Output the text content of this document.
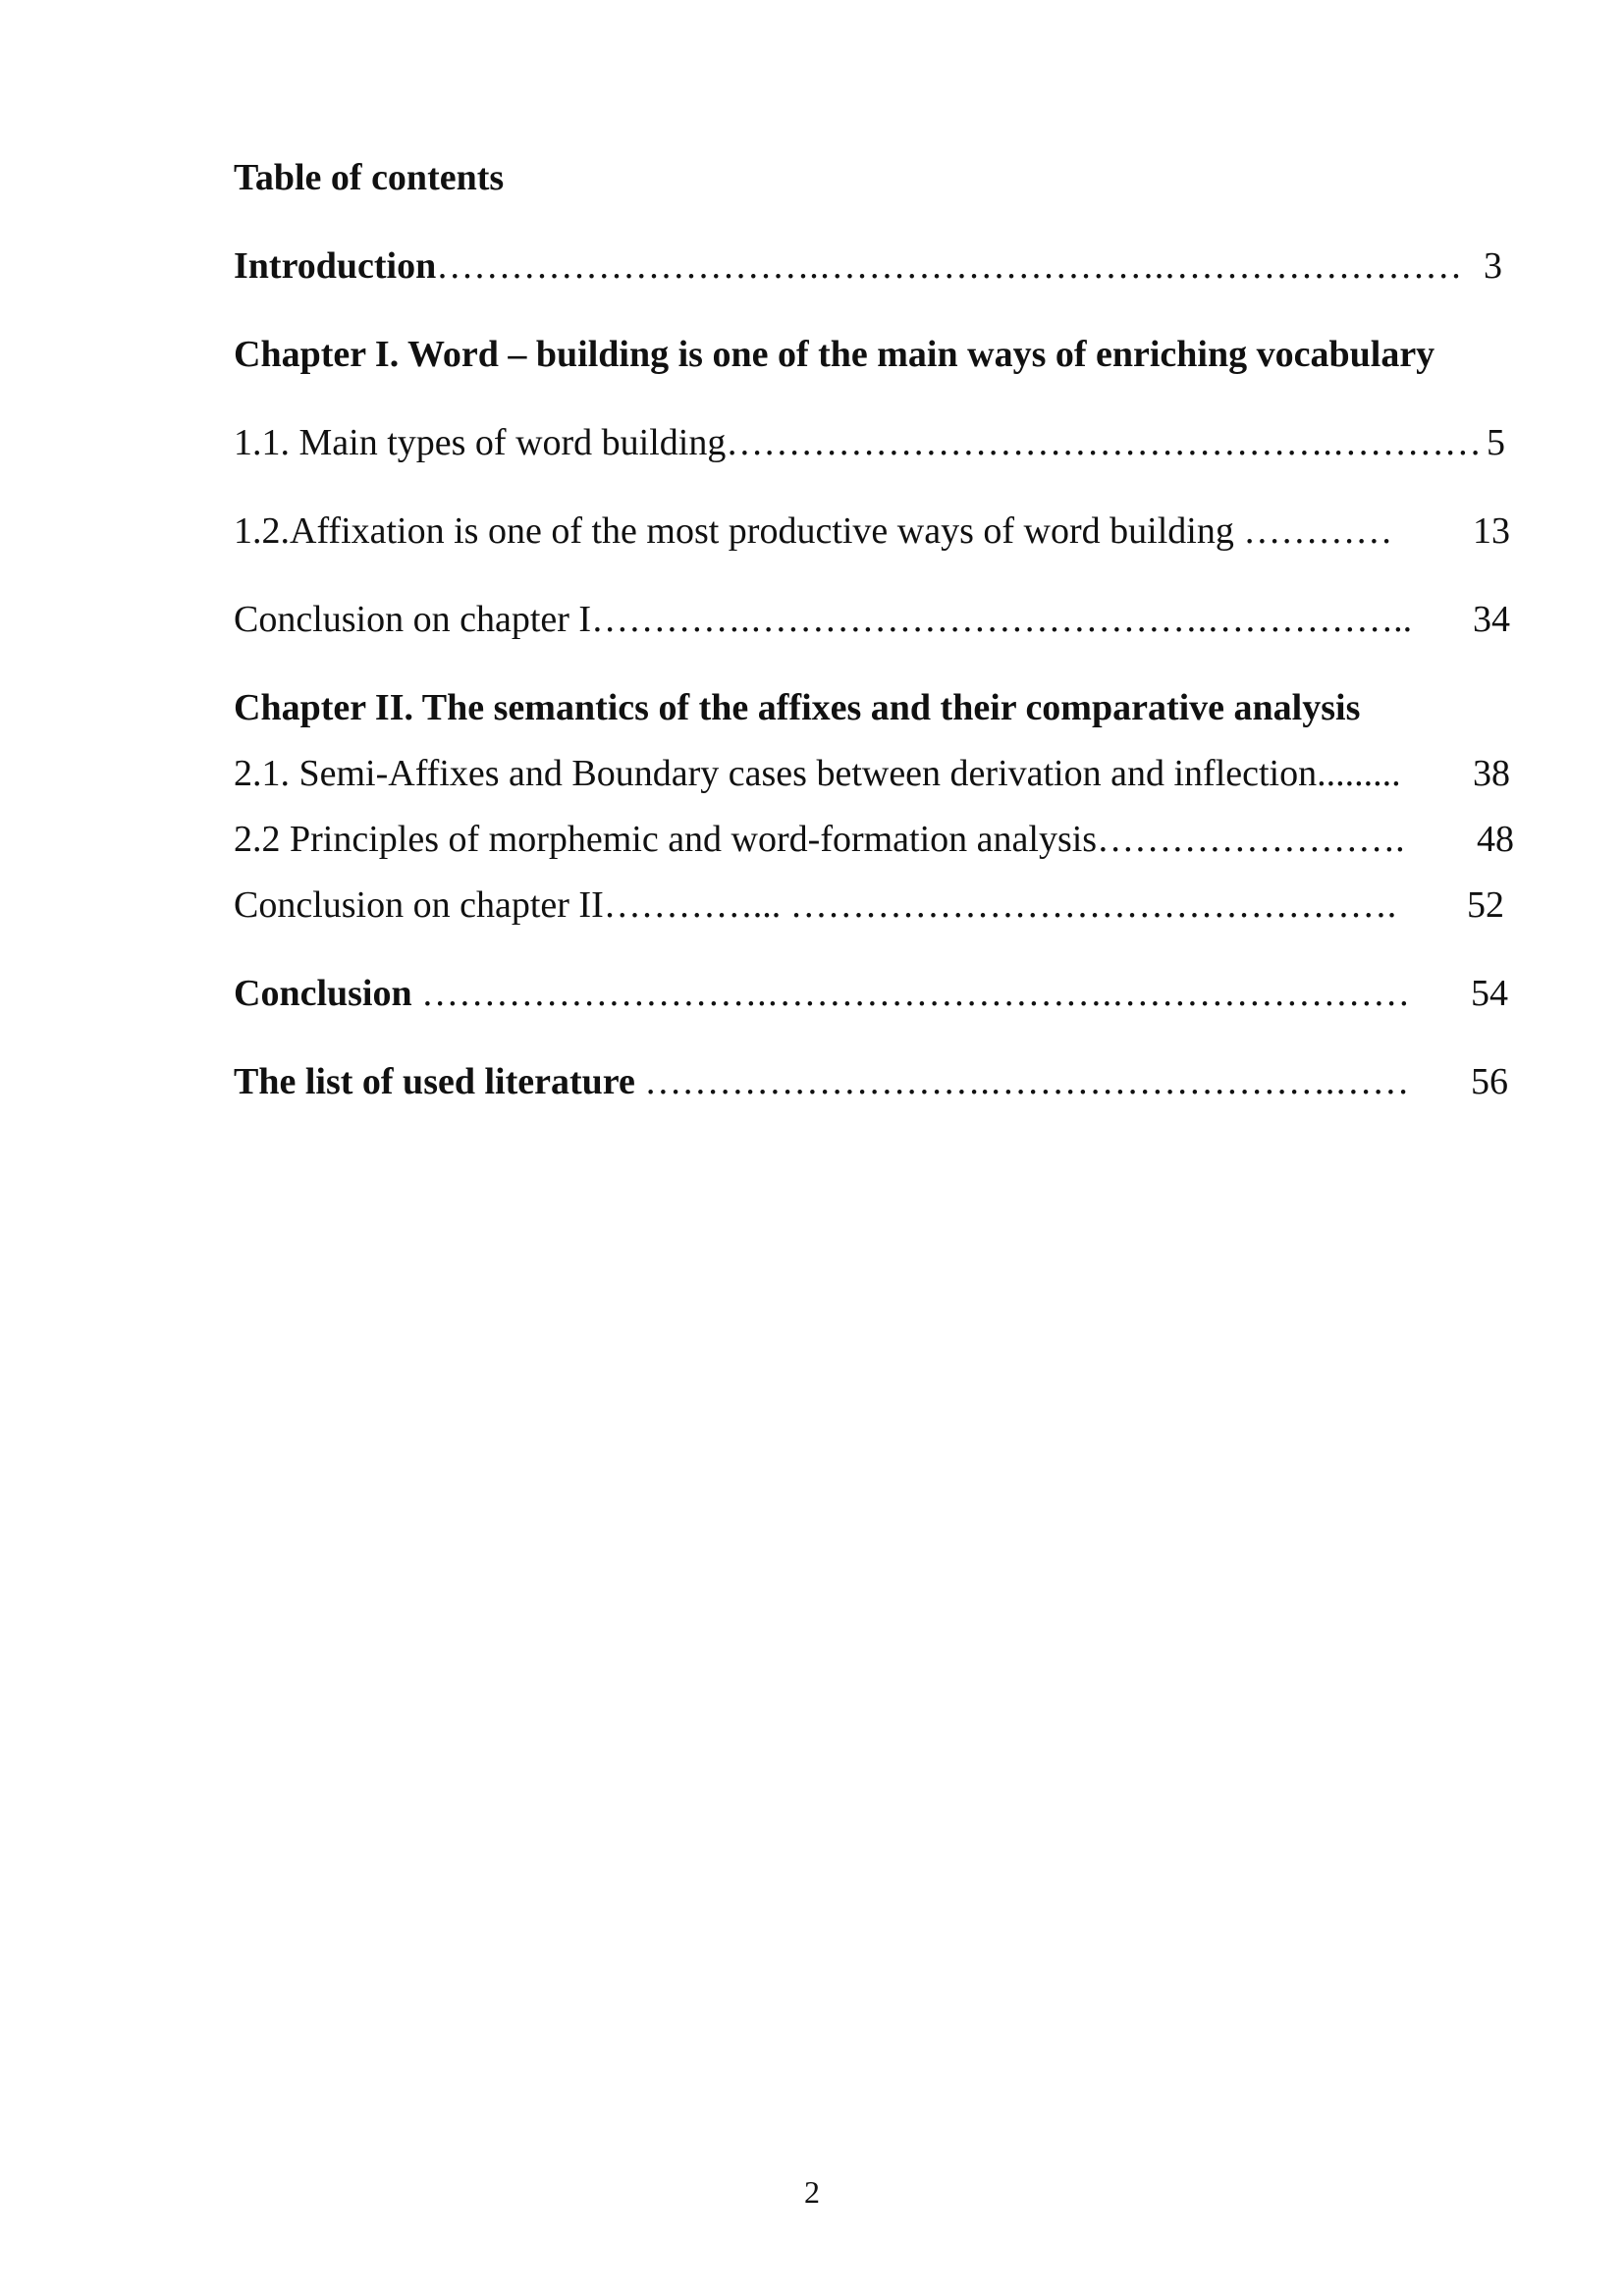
Table of contents
Introduction………………………….……………………….…………………… 3
Chapter I. Word – building is one of the main ways of enriching vocabulary
1.1. Main types of word building………………………………………….………… 5
1.2.Affixation is one of the most productive ways of word building ………… 13
Conclusion on chapter I………….……………………………….…………….. 34
Chapter II. The semantics of the affixes and their comparative analysis
2.1. Semi-Affixes and Boundary cases between derivation and inflection......... 38
2.2 Principles of morphemic and word-formation analysis……………………. 48
Conclusion on chapter II…………... …………………………………………. 52
Conclusion ……………………….……………………….…………………… 54
The list of used literature ……………………….……………………….…… 56
2
